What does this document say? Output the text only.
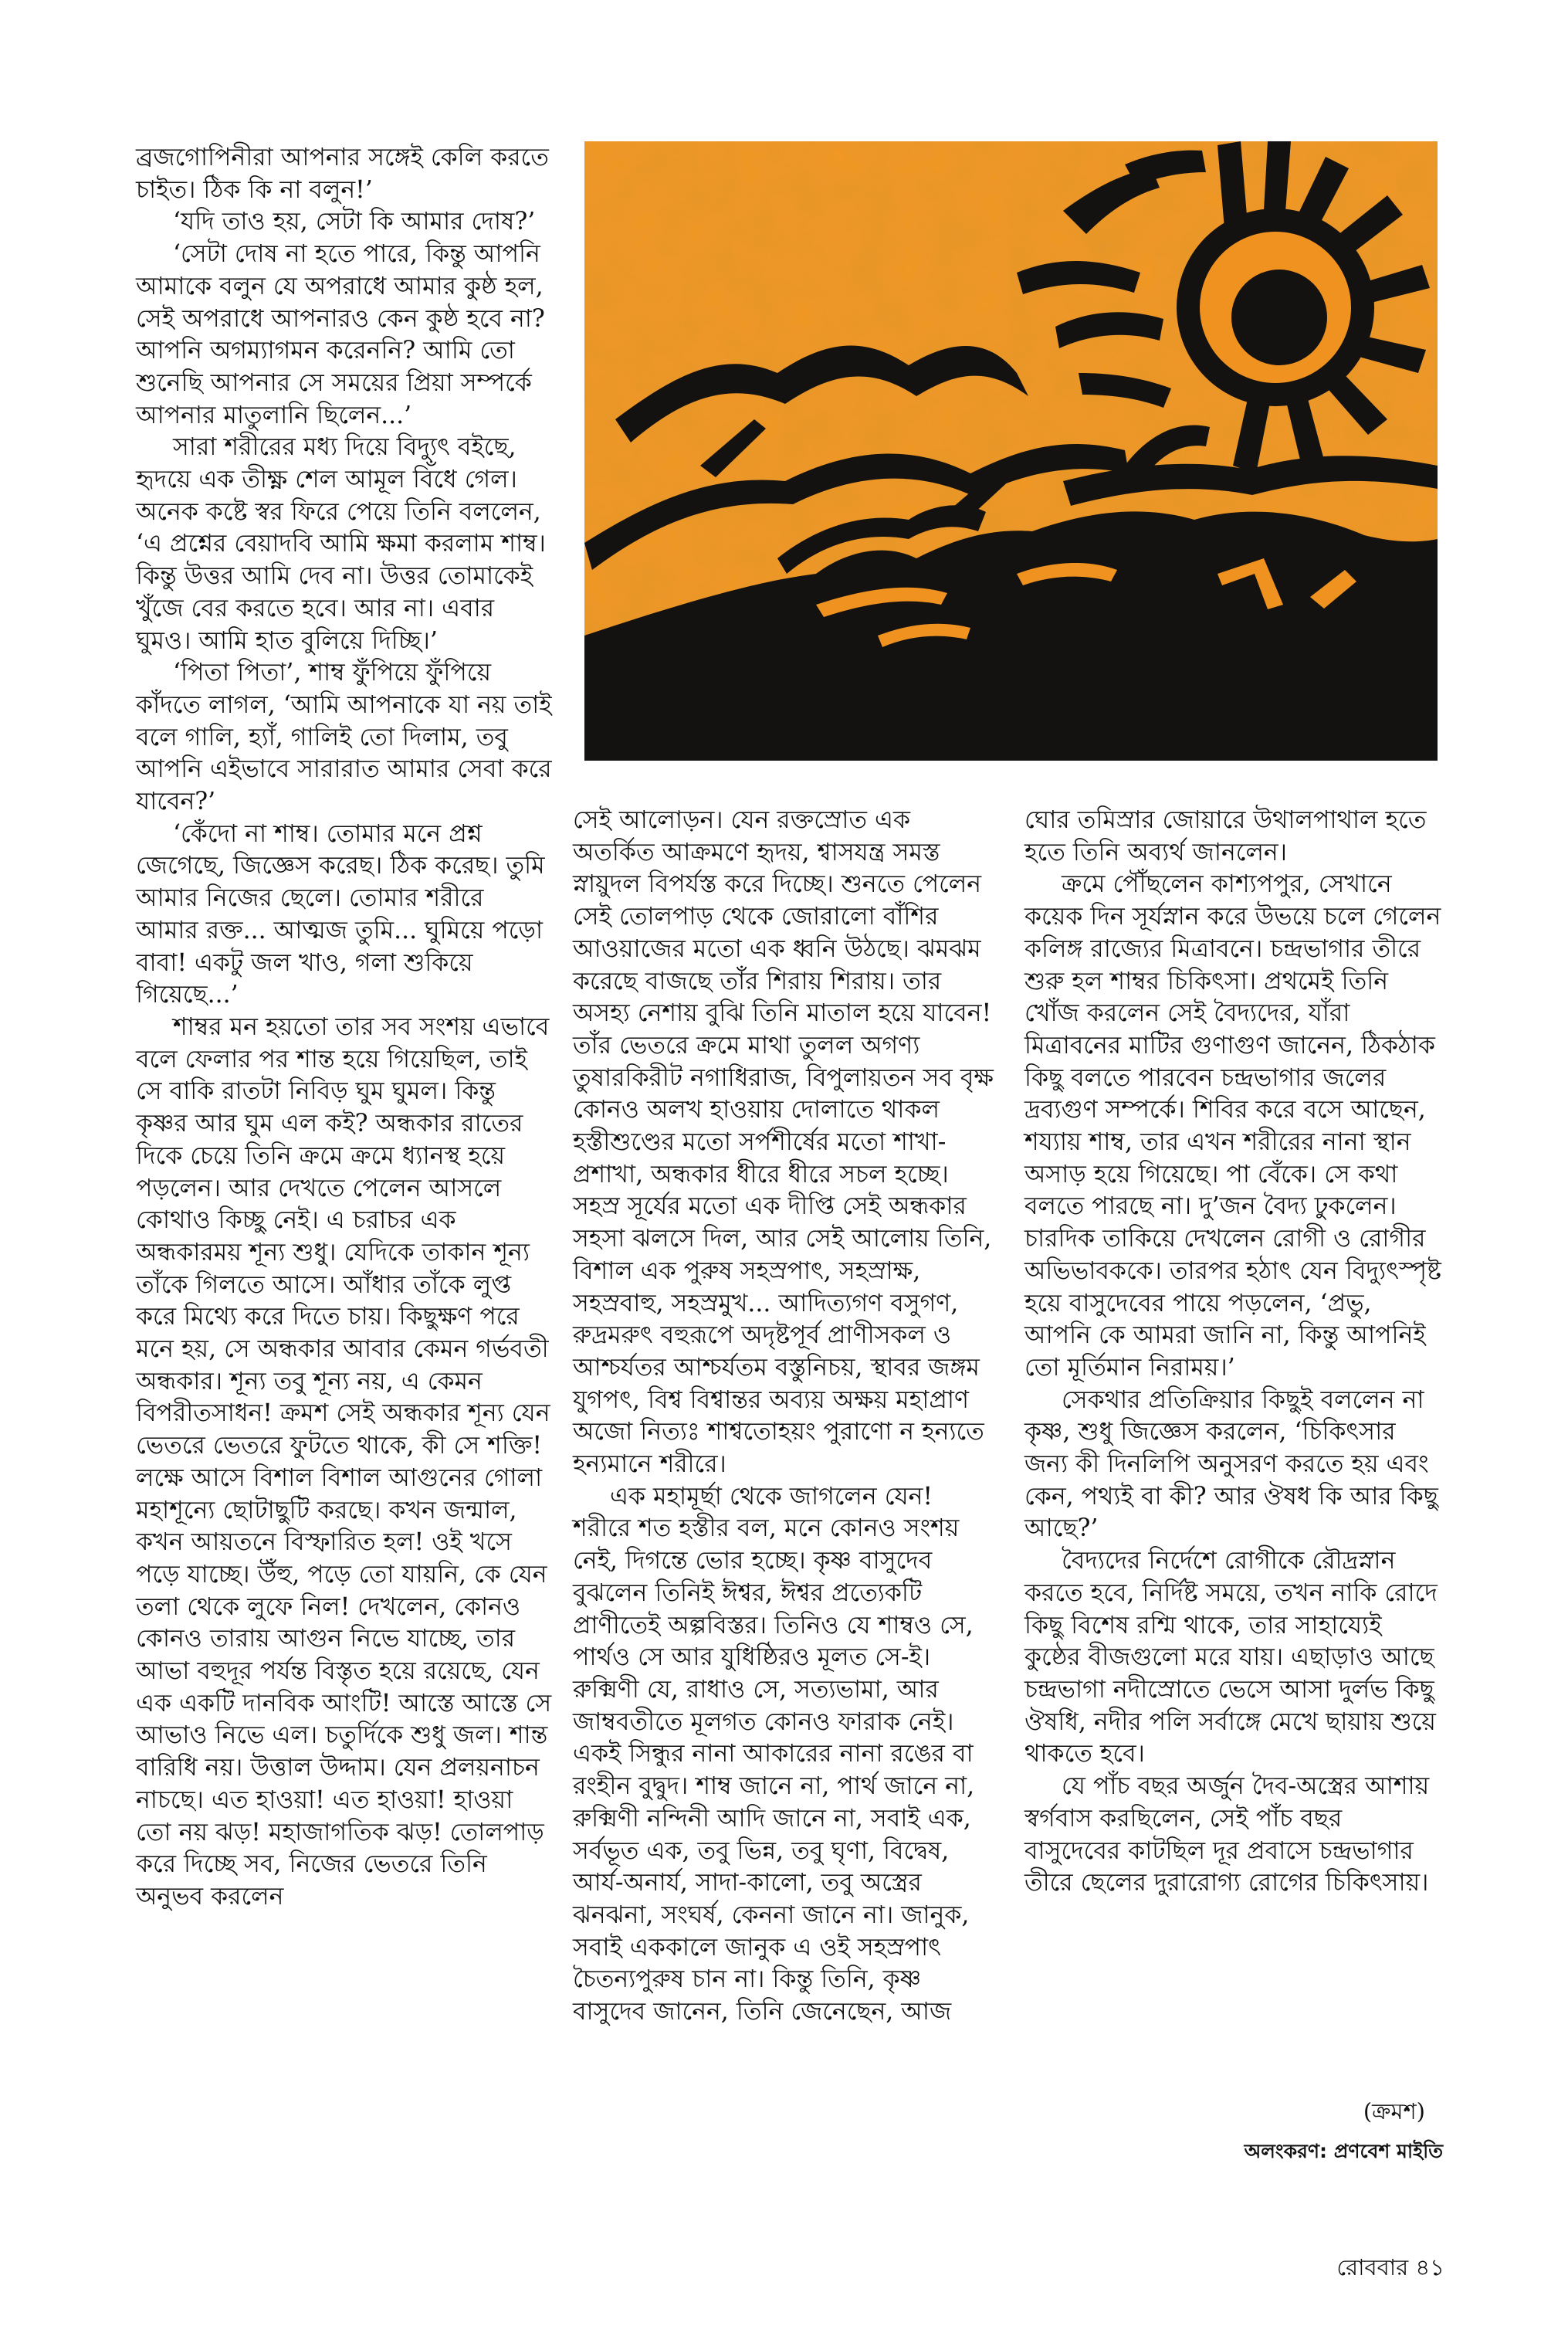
ব্রজগোপিনীরা আপনার সঙ্গেই কেলি করতে চাইত। ঠিক কি না বলুন!’

‘যদি তাও হয়, সেটা কি আমার দোষ?’

‘সেটা দোষ না হতে পারে, কিন্তু আপনি আমাকে বলুন যে অপরাধে আমার কুষ্ঠ হল, সেই অপরাধে আপনারও কেন কুষ্ঠ হবে না? আপনি অগম্যাগমন করেননি? আমি তো শুনেছি আপনার সে সময়ের প্রিয়া সম্পর্কে আপনার মাতুলানি ছিলেন...’

সারা শরীরের মধ্য দিয়ে বিদ্যুৎ বইছে, হৃদয়ে এক তীক্ষ্ণ শেল আমূল বিঁধে গেল। অনেক কষ্টে স্বর ফিরে পেয়ে তিনি বললেন, ‘এ প্রশ্নের বেয়াদবি আমি ক্ষমা করলাম শাম্ব। কিন্তু উত্তর আমি দেব না। উত্তর তোমাকেই খুঁজে বের করতে হবে। আর না। এবার ঘুমও। আমি হাত বুলিয়ে দিচ্ছি।’

‘পিতা পিতা’, শাম্ব ফুঁপিয়ে ফুঁপিয়ে কাঁদতে লাগল, ‘আমি আপনাকে যা নয় তাই বলে গালি, হ্যাঁ, গালিই তো দিলাম, তবু আপনি এইভাবে সারারাত আমার সেবা করে যাবেন?’

‘কেঁদো না শাম্ব। তোমার মনে প্রশ্ন জেগেছে, জিজ্ঞেস করেছ। ঠিক করেছ। তুমি আমার নিজের ছেলে। তোমার শরীরে আমার রক্ত... আত্মজ তুমি... ঘুমিয়ে পড়ো বাবা! একটু জল খাও, গলা শুকিয়ে গিয়েছে...’

শাম্বর মন হয়তো তার সব সংশয় এভাবে বলে ফেলার পর শান্ত হয়ে গিয়েছিল, তাই সে বাকি রাতটা নিবিড় ঘুম ঘুমল। কিন্তু কৃষ্ণর আর ঘুম এল কই? অন্ধকার রাতের দিকে চেয়ে তিনি ক্রমে ক্রমে ধ্যানস্থ হয়ে পড়লেন। আর দেখতে পেলেন আসলে কোথাও কিচ্ছু নেই। এ চরাচর এক অন্ধকারময় শূন্য শুধু। যেদিকে তাকান শূন্য তাঁকে গিলতে আসে। আঁধার তাঁকে লুপ্ত করে মিথ্যে করে দিতে চায়। কিছুক্ষণ পরে মনে হয়, সে অন্ধকার আবার কেমন গর্ভবতী অন্ধকার। শূন্য তবু শূন্য নয়, এ কেমন বিপরীতসাধন! ক্রমশ সেই অন্ধকার শূন্য যেন ভেতরে ভেতরে ফুটতে থাকে, কী সে শক্তি! লক্ষে আসে বিশাল বিশাল আগুনের গোলা মহাশূন্যে ছোটাছুটি করছে। কখন জন্মাল, কখন আয়তনে বিস্ফারিত হল! ওই খসে পড়ে যাচ্ছে। উঁহু, পড়ে তো যায়নি, কে যেন তলা থেকে লুফে নিল! দেখলেন, কোনও কোনও তারায় আগুন নিভে যাচ্ছে, তার আভা বহুদূর পর্যন্ত বিস্তৃত হয়ে রয়েছে, যেন এক একটি দানবিক আংটি! আস্তে আস্তে সে আভাও নিভে এল। চতুর্দিকে শুধু জল। শান্ত বারিধি নয়। উত্তাল উদ্দাম। যেন প্রলয়নাচন নাচছে। এত হাওয়া! এত হাওয়া! হাওয়া তো নয় ঝড়! মহাজাগতিক ঝড়! তোলপাড় করে দিচ্ছে সব, নিজের ভেতরে তিনি অনুভব করলেন

সেই আলোড়ন। যেন রক্তস্রোত এক অতর্কিত আক্রমণে হৃদয়, শ্বাসযন্ত্র সমস্ত স্নায়ুদল বিপর্যস্ত করে দিচ্ছে। শুনতে পেলেন সেই তোলপাড় থেকে জোরালো বাঁশির আওয়াজের মতো এক ধ্বনি উঠছে। ঝমঝম করেছে বাজছে তাঁর শিরায় শিরায়। তার অসহ্য নেশায় বুঝি তিনি মাতাল হয়ে যাবেন! তাঁর ভেতরে ক্রমে মাথা তুলল অগণ্য তুষারকিরীট নগাধিরাজ, বিপুলায়তন সব বৃক্ষ কোনও অলখ হাওয়ায় দোলাতে থাকল হস্তীশুণ্ডের মতো সর্পশীর্ষের মতো শাখা-প্রশাখা, অন্ধকার ধীরে ধীরে সচল হচ্ছে। সহস্র সূর্যের মতো এক দীপ্তি সেই অন্ধকার সহসা ঝলসে দিল, আর সেই আলোয় তিনি, বিশাল এক পুরুষ সহস্রপাৎ, সহস্রাক্ষ, সহস্রবাহু, সহস্রমুখ... আদিত্যগণ বসুগণ, রুদ্রমরুৎ বহুরূপে অদৃষ্টপূর্ব প্রাণীসকল ও আশ্চর্যতর আশ্চর্যতম বস্তুনিচয়, স্থাবর জঙ্গম যুগপৎ, বিশ্ব বিশ্বান্তর অব্যয় অক্ষয় মহাপ্রাণ অজো নিত্যঃ শাশ্বতোহয়ং পুরাণো ন হন্যতে হন্যমানে শরীরে।

এক মহামূর্ছা থেকে জাগলেন যেন! শরীরে শত হস্তীর বল, মনে কোনও সংশয় নেই, দিগন্তে ভোর হচ্ছে। কৃষ্ণ বাসুদেব বুঝলেন তিনিই ঈশ্বর, ঈশ্বর প্রত্যেকটি প্রাণীতেই অল্পবিস্তর। তিনিও যে শাম্বও সে, পার্থও সে আর যুধিষ্ঠিরও মূলত সে-ই। রুক্মিণী যে, রাধাও সে, সত্যভামা, আর জাম্ববতীতে মূলগত কোনও ফারাক নেই। একই সিন্ধুর নানা আকারের নানা রঙের বা রংহীন বুদ্বুদ। শাম্ব জানে না, পার্থ জানে না, রুক্মিণী নন্দিনী আদি জানে না, সবাই এক, সর্বভূত এক, তবু ভিন্ন, তবু ঘৃণা, বিদ্বেষ, আর্য-অনার্য, সাদা-কালো, তবু অস্ত্রের ঝনঝনা, সংঘর্ষ, কেননা জানে না। জানুক, সবাই এককালে জানুক এ ওই সহস্রপাৎ চৈতন্যপুরুষ চান না। কিন্তু তিনি, কৃষ্ণ বাসুদেব জানেন, তিনি জেনেছেন, আজ

ঘোর তমিস্রার জোয়ারে উথালপাথাল হতে হতে তিনি অব্যর্থ জানলেন।

ক্রমে পৌঁছলেন কাশ্যপপুর, সেখানে কয়েক দিন সূর্যস্নান করে উভয়ে চলে গেলেন কলিঙ্গ রাজ্যের মিত্রাবনে। চন্দ্রভাগার তীরে শুরু হল শাম্বর চিকিৎসা। প্রথমেই তিনি খোঁজ করলেন সেই বৈদ্যদের, যাঁরা মিত্রাবনের মাটির গুণাগুণ জানেন, ঠিকঠাক কিছু বলতে পারবেন চন্দ্রভাগার জলের দ্রব্যগুণ সম্পর্কে। শিবির করে বসে আছেন, শয্যায় শাম্ব, তার এখন শরীরের নানা স্থান অসাড় হয়ে গিয়েছে। পা বেঁকে। সে কথা বলতে পারছে না। দু’জন বৈদ্য ঢুকলেন। চারদিক তাকিয়ে দেখলেন রোগী ও রোগীর অভিভাবককে। তারপর হঠাৎ যেন বিদ্যুৎস্পৃষ্ট হয়ে বাসুদেবের পায়ে পড়লেন, ‘প্রভু, আপনি কে আমরা জানি না, কিন্তু আপনিই তো মূর্তিমান নিরাময়।’

সেকথার প্রতিক্রিয়ার কিছুই বললেন না কৃষ্ণ, শুধু জিজ্ঞেস করলেন, ‘চিকিৎসার জন্য কী দিনলিপি অনুসরণ করতে হয় এবং কেন, পথ্যই বা কী? আর ঔষধ কি আর কিছু আছে?’

বৈদ্যদের নির্দেশে রোগীকে রৌদ্রস্নান করতে হবে, নির্দিষ্ট সময়ে, তখন নাকি রোদে কিছু বিশেষ রশ্মি থাকে, তার সাহায্যেই কুষ্ঠের বীজগুলো মরে যায়। এছাড়াও আছে চন্দ্রভাগা নদীস্রোতে ভেসে আসা দুর্লভ কিছু ঔষধি, নদীর পলি সর্বাঙ্গে মেখে ছায়ায় শুয়ে থাকতে হবে।

যে পাঁচ বছর অর্জুন দৈব-অস্ত্রের আশায় স্বর্গবাস করছিলেন, সেই পাঁচ বছর বাসুদেবের কাটছিল দূর প্রবাসে চন্দ্রভাগার তীরে ছেলের দুরারোগ্য রোগের চিকিৎসায়।

(ক্রমশ)
অলংকরণ: প্রণবেশ মাইতি
রোববার ৪১
